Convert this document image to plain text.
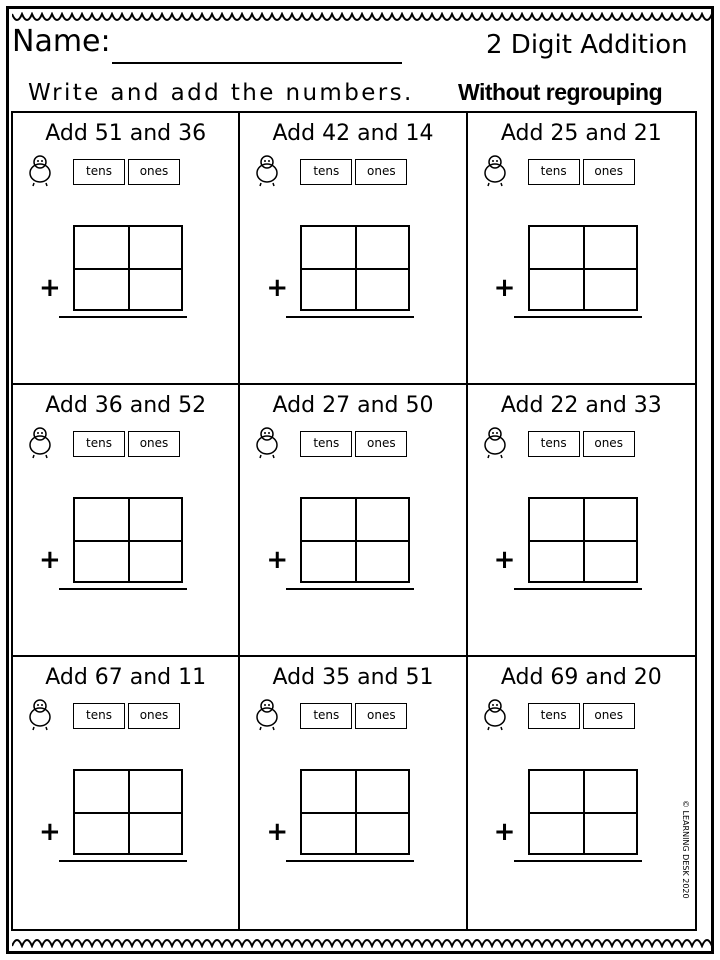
Name:	2 Digit Addition
Write and add the numbers. Without regrouping
Add 51 and 36
tens	ones
+
Add 42 and 14
tens	ones
+
Add 25 and 21
tens	ones
+
Add 36 and 52
tens	ones
+
Add 27 and 50
tens	ones
+
Add 22 and 33
tens	ones
+
Add 67 and 11
tens	ones
+
Add 35 and 51
tens	ones
+
Add 69 and 20
tens	ones
+	© LEARNING DESK 2020
